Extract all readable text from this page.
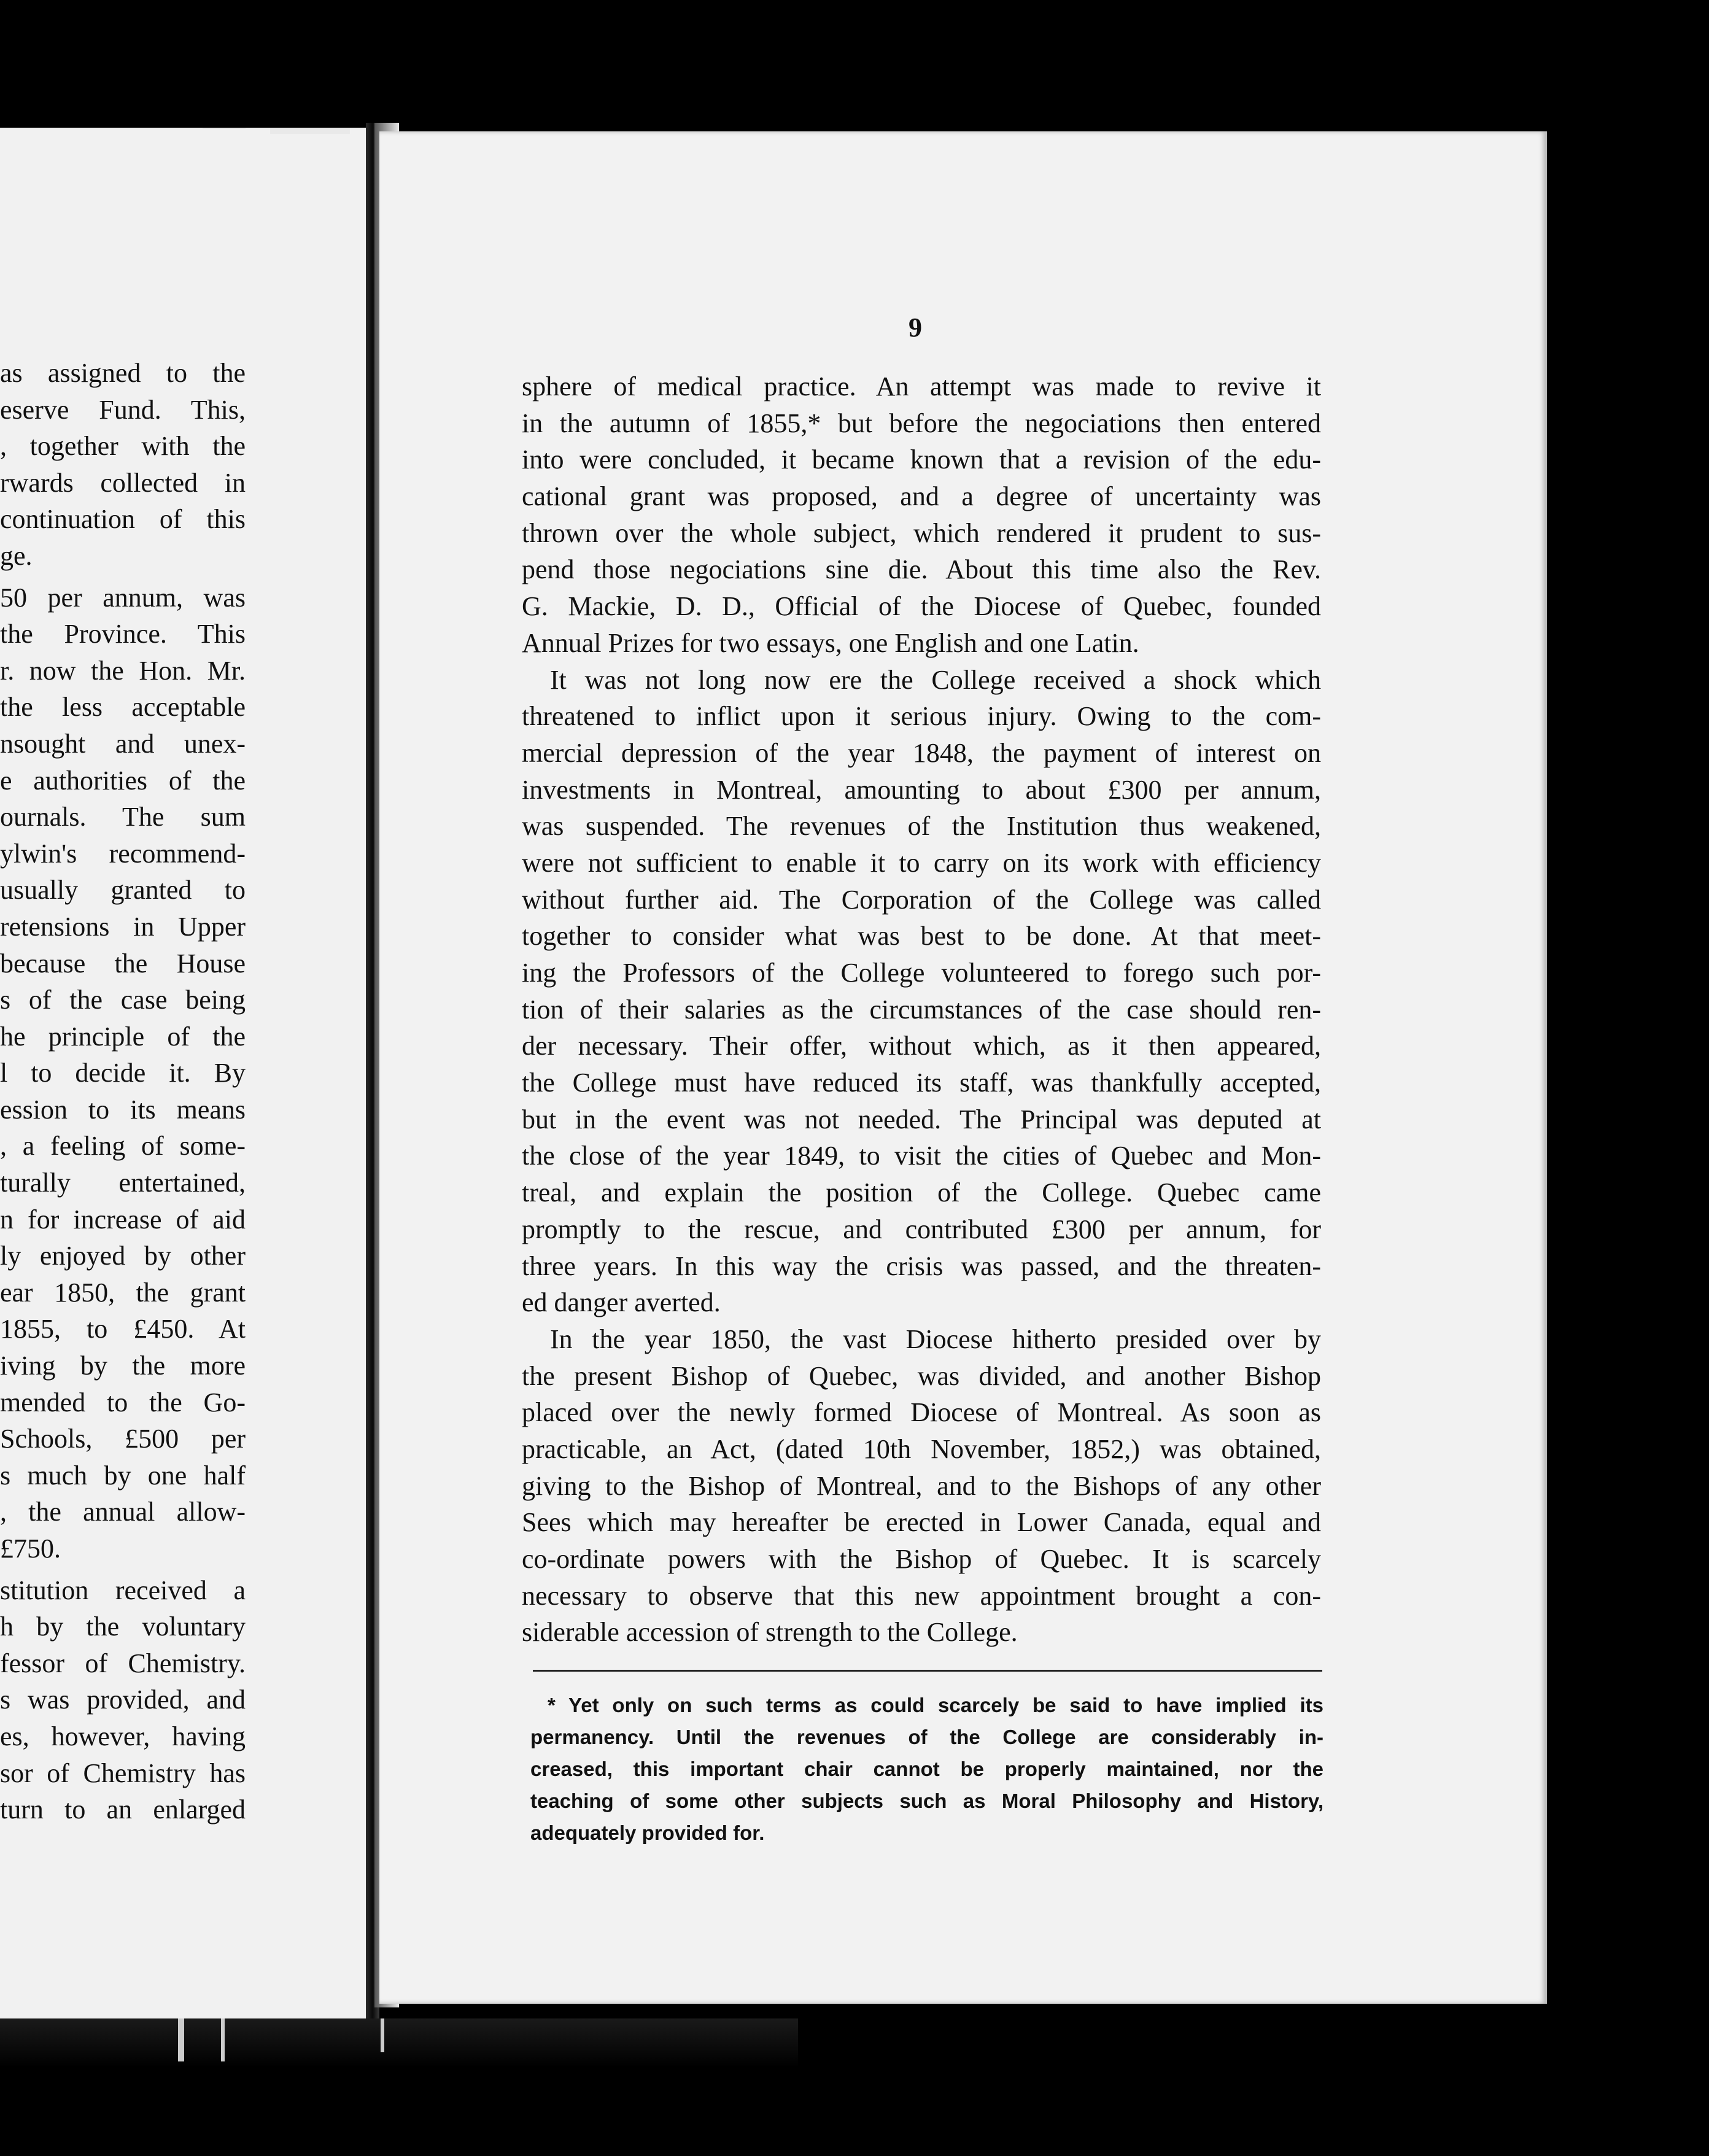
as assigned to the
eserve Fund. This,
, together with the
rwards collected in
continuation of this
ge.
50 per annum, was
the Province. This
r. now the Hon. Mr.
the less acceptable
nsought and unex-
e authorities of the
ournals. The sum
ylwin's recommend-
usually granted to
retensions in Upper
because the House
s of the case being
he principle of the
l to decide it. By
ession to its means
, a feeling of some-
turally entertained,
n for increase of aid
ly enjoyed by other
ear 1850, the grant
1855, to £450. At
iving by the more
mended to the Go-
Schools, £500 per
s much by one half
, the annual allow-
£750.
stitution received a
h by the voluntary
fessor of Chemistry.
s was provided, and
es, however, having
sor of Chemistry has
turn to an enlarged
9
sphere of medical practice. An attempt was made to revive it
in the autumn of 1855,* but before the negociations then entered
into were concluded, it became known that a revision of the edu-
cational grant was proposed, and a degree of uncertainty was
thrown over the whole subject, which rendered it prudent to sus-
pend those negociations sine die. About this time also the Rev.
G. Mackie, D. D., Official of the Diocese of Quebec, founded
Annual Prizes for two essays, one English and one Latin.
It was not long now ere the College received a shock which
threatened to inflict upon it serious injury. Owing to the com-
mercial depression of the year 1848, the payment of interest on
investments in Montreal, amounting to about £300 per annum,
was suspended. The revenues of the Institution thus weakened,
were not sufficient to enable it to carry on its work with efficiency
without further aid. The Corporation of the College was called
together to consider what was best to be done. At that meet-
ing the Professors of the College volunteered to forego such por-
tion of their salaries as the circumstances of the case should ren-
der necessary. Their offer, without which, as it then appeared,
the College must have reduced its staff, was thankfully accepted,
but in the event was not needed. The Principal was deputed at
the close of the year 1849, to visit the cities of Quebec and Mon-
treal, and explain the position of the College. Quebec came
promptly to the rescue, and contributed £300 per annum, for
three years. In this way the crisis was passed, and the threaten-
ed danger averted.
In the year 1850, the vast Diocese hitherto presided over by
the present Bishop of Quebec, was divided, and another Bishop
placed over the newly formed Diocese of Montreal. As soon as
practicable, an Act, (dated 10th November, 1852,) was obtained,
giving to the Bishop of Montreal, and to the Bishops of any other
Sees which may hereafter be erected in Lower Canada, equal and
co-ordinate powers with the Bishop of Quebec. It is scarcely
necessary to observe that this new appointment brought a con-
siderable accession of strength to the College.
* Yet only on such terms as could scarcely be said to have implied its
permanency. Until the revenues of the College are considerably in-
creased, this important chair cannot be properly maintained, nor the
teaching of some other subjects such as Moral Philosophy and History,
adequately provided for.
